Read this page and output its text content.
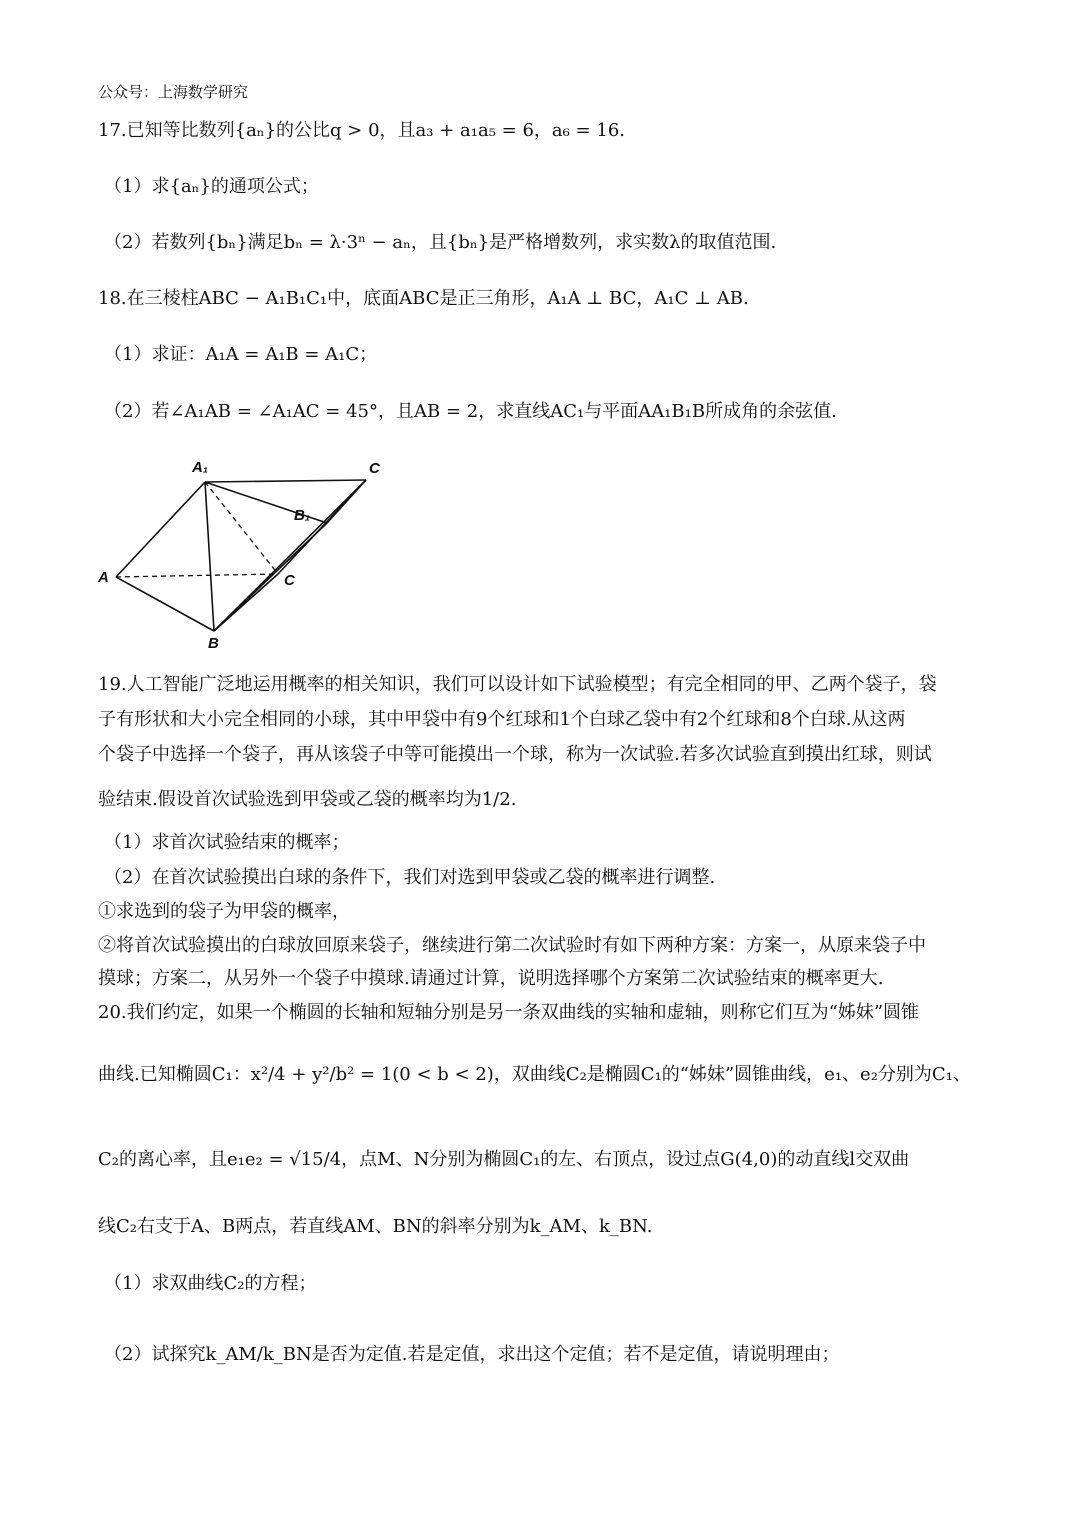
公众号：上海数学研究
17.已知等比数列{aₙ}的公比q > 0，且a₃ + a₁a₅ = 6，a₆ = 16.
（1）求{aₙ}的通项公式；
（2）若数列{bₙ}满足bₙ = λ·3ⁿ − aₙ，且{bₙ}是严格增数列，求实数λ的取值范围.
18.在三棱柱ABC − A₁B₁C₁中，底面ABC是正三角形，A₁A ⊥ BC，A₁C ⊥ AB.
（1）求证：A₁A = A₁B = A₁C；
（2）若∠A₁AB = ∠A₁AC = 45°，且AB = 2，求直线AC₁与平面AA₁B₁B所成角的余弦值.
A₁	C
B₁
A	C
B
19.人工智能广泛地运用概率的相关知识，我们可以设计如下试验模型；有完全相同的甲、乙两个袋子，袋
子有形状和大小完全相同的小球，其中甲袋中有9个红球和1个白球乙袋中有2个红球和8个白球.从这两
个袋子中选择一个袋子，再从该袋子中等可能摸出一个球，称为一次试验.若多次试验直到摸出红球，则试
验结束.假设首次试验选到甲袋或乙袋的概率均为1/2.
（1）求首次试验结束的概率；
（2）在首次试验摸出白球的条件下，我们对选到甲袋或乙袋的概率进行调整.
①求选到的袋子为甲袋的概率，
②将首次试验摸出的白球放回原来袋子，继续进行第二次试验时有如下两种方案：方案一，从原来袋子中
摸球；方案二，从另外一个袋子中摸球.请通过计算，说明选择哪个方案第二次试验结束的概率更大.
20.我们约定，如果一个椭圆的长轴和短轴分别是另一条双曲线的实轴和虚轴，则称它们互为“姊妹”圆锥
曲线.已知椭圆C₁：x²/4 + y²/b² = 1(0 < b < 2)，双曲线C₂是椭圆C₁的“姊妹”圆锥曲线，e₁、e₂分别为C₁、
C₂的离心率，且e₁e₂ = √15/4，点M、N分别为椭圆C₁的左、右顶点，设过点G(4,0)的动直线l交双曲
线C₂右支于A、B两点，若直线AM、BN的斜率分别为k_AM、k_BN.
（1）求双曲线C₂的方程；
（2）试探究k_AM/k_BN是否为定值.若是定值，求出这个定值；若不是定值，请说明理由；
